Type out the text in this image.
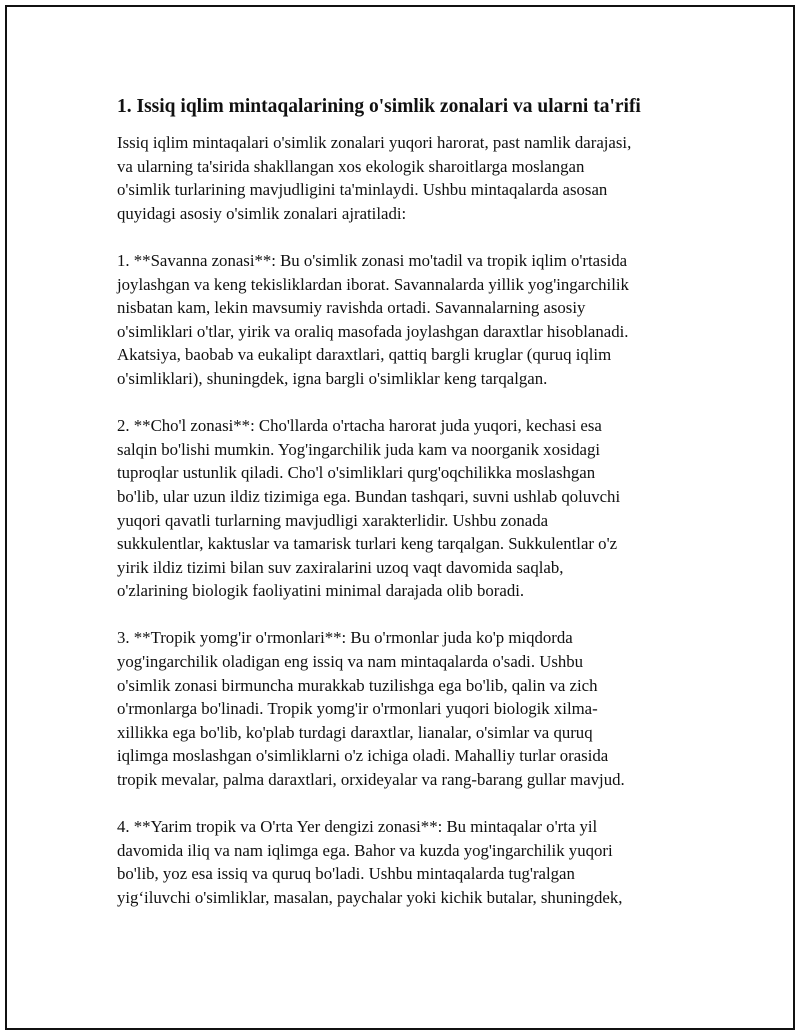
1. Issiq iqlim mintaqalarining o'simlik zonalari va ularni ta'rifi

Issiq iqlim mintaqalari o'simlik zonalari yuqori harorat, past namlik darajasi,
va ularning ta'sirida shakllangan xos ekologik sharoitlarga moslangan
o'simlik turlarining mavjudligini ta'minlaydi. Ushbu mintaqalarda asosan
quyidagi asosiy o'simlik zonalari ajratiladi:

1. **Savanna zonasi**: Bu o'simlik zonasi mo'tadil va tropik iqlim o'rtasida
joylashgan va keng tekisliklardan iborat. Savannalarda yillik yog'ingarchilik
nisbatan kam, lekin mavsumiy ravishda ortadi. Savannalarning asosiy
o'simliklari o'tlar, yirik va oraliq masofada joylashgan daraxtlar hisoblanadi.
Akatsiya, baobab va eukalipt daraxtlari, qattiq bargli kruglar (quruq iqlim
o'simliklari), shuningdek, igna bargli o'simliklar keng tarqalgan.

2. **Cho'l zonasi**: Cho'llarda o'rtacha harorat juda yuqori, kechasi esa
salqin bo'lishi mumkin. Yog'ingarchilik juda kam va noorganik xosidagi
tuproqlar ustunlik qiladi. Cho'l o'simliklari qurg'oqchilikka moslashgan
bo'lib, ular uzun ildiz tizimiga ega. Bundan tashqari, suvni ushlab qoluvchi
yuqori qavatli turlarning mavjudligi xarakterlidir. Ushbu zonada
sukkulentlar, kaktuslar va tamarisk turlari keng tarqalgan. Sukkulentlar o'z
yirik ildiz tizimi bilan suv zaxiralarini uzoq vaqt davomida saqlab,
o'zlarining biologik faoliyatini minimal darajada olib boradi.

3. **Tropik yomg'ir o'rmonlari**: Bu o'rmonlar juda ko'p miqdorda
yog'ingarchilik oladigan eng issiq va nam mintaqalarda o'sadi. Ushbu
o'simlik zonasi birmuncha murakkab tuzilishga ega bo'lib, qalin va zich
o'rmonlarga bo'linadi. Tropik yomg'ir o'rmonlari yuqori biologik xilma-
xillikka ega bo'lib, ko'plab turdagi daraxtlar, lianalar, o'simlar va quruq
iqlimga moslashgan o'simliklarni o'z ichiga oladi. Mahalliy turlar orasida
tropik mevalar, palma daraxtlari, orxideyalar va rang-barang gullar mavjud.

4. **Yarim tropik va O'rta Yer dengizi zonasi**: Bu mintaqalar o'rta yil
davomida iliq va nam iqlimga ega. Bahor va kuzda yog'ingarchilik yuqori
bo'lib, yoz esa issiq va quruq bo'ladi. Ushbu mintaqalarda tug'ralgan
yig‘iluvchi o'simliklar, masalan, paychalar yoki kichik butalar, shuningdek,
